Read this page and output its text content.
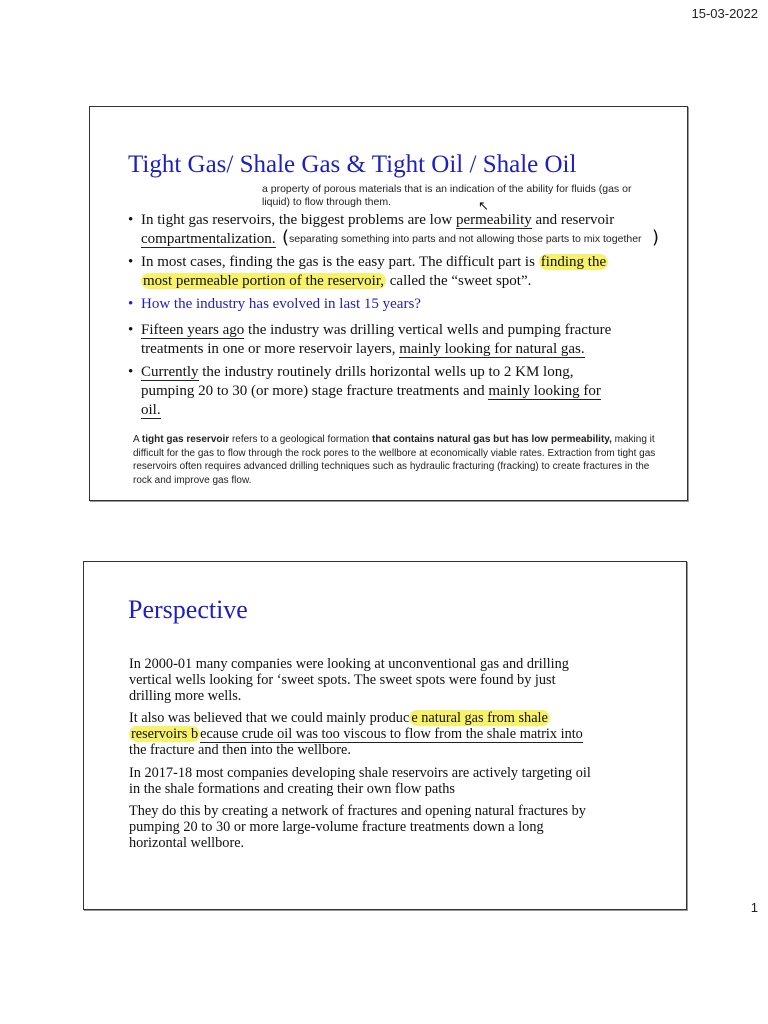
15-03-2022
Tight Gas/ Shale Gas & Tight Oil / Shale Oil
a property of porous materials that is an indication of the ability for fluids (gas or liquid) to flow through them.	↖
• In tight gas reservoirs, the biggest problems are low permeability and reservoir
compartmentalization. ( separating something into parts and not allowing those parts to mix together )
• In most cases, finding the gas is the easy part. The difficult part is finding the
most permeable portion of the reservoir, called the “sweet spot”.
• How the industry has evolved in last 15 years?
• Fifteen years ago the industry was drilling vertical wells and pumping fracture
treatments in one or more reservoir layers, mainly looking for natural gas.
• Currently the industry routinely drills horizontal wells up to 2 KM long,
pumping 20 to 30 (or more) stage fracture treatments and mainly looking for
oil.
A tight gas reservoir refers to a geological formation that contains natural gas but has low permeability, making it difficult for the gas to flow through the rock pores to the wellbore at economically viable rates. Extraction from tight gas reservoirs often requires advanced drilling techniques such as hydraulic fracturing (fracking) to create fractures in the rock and improve gas flow.
Perspective
In 2000-01 many companies were looking at unconventional gas and drilling
vertical wells looking for ‘sweet spots. The sweet spots were found by just
drilling more wells.
It also was believed that we could mainly produc e natural gas from shale
reservoirs b ecause crude oil was too viscous to flow from the shale matrix into
the fracture and then into the wellbore.
In 2017-18 most companies developing shale reservoirs are actively targeting oil
in the shale formations and creating their own flow paths
They do this by creating a network of fractures and opening natural fractures by
pumping 20 to 30 or more large-volume fracture treatments down a long
horizontal wellbore.
1
